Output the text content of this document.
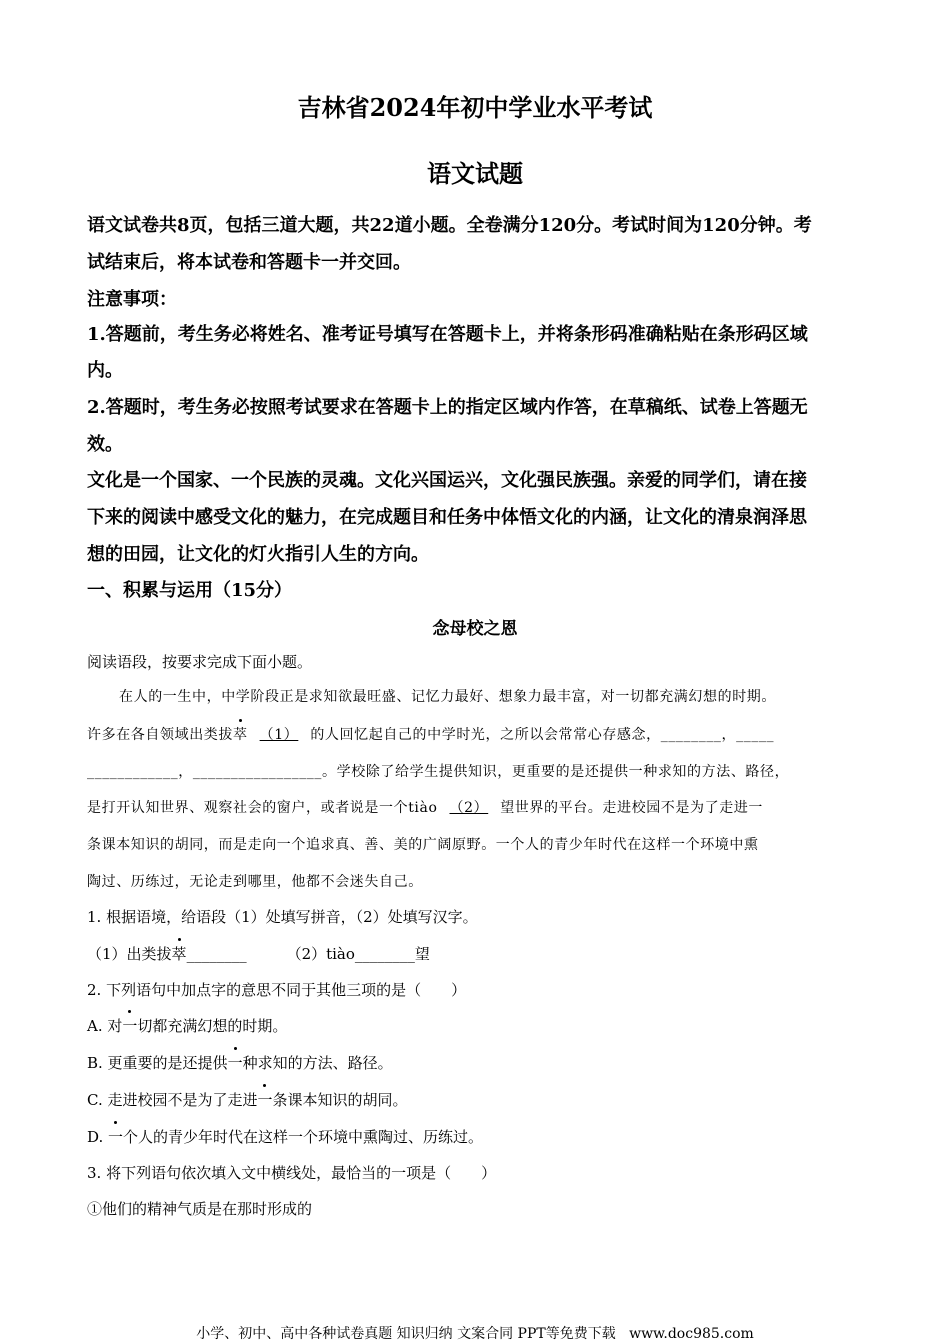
吉林省2024年初中学业水平考试
语文试题
语文试卷共8页，包括三道大题，共22道小题。全卷满分120分。考试时间为120分钟。考
试结束后，将本试卷和答题卡一并交回。
注意事项：
1.答题前，考生务必将姓名、准考证号填写在答题卡上，并将条形码准确粘贴在条形码区域
内。
2.答题时，考生务必按照考试要求在答题卡上的指定区域内作答，在草稿纸、试卷上答题无
效。
文化是一个国家、一个民族的灵魂。文化兴国运兴，文化强民族强。亲爱的同学们，请在接
下来的阅读中感受文化的魅力，在完成题目和任务中体悟文化的内涵，让文化的清泉润泽思
想的田园，让文化的灯火指引人生的方向。
一、积累与运用（15分）
念母校之恩
阅读语段，按要求完成下面小题。
在人的一生中，中学阶段正是求知欲最旺盛、记忆力最好、想象力最丰富，对一切都充满幻想的时期。
许多在各自领域出类拔萃 （1） 的人回忆起自己的中学时光，之所以会常常心存感念，________，_____
____________，_________________。学校除了给学生提供知识，更重要的是还提供一种求知的方法、路径，
是打开认知世界、观察社会的窗户，或者说是一个tiào （2） 望世界的平台。走进校园不是为了走进一
条课本知识的胡同，而是走向一个追求真、善、美的广阔原野。一个人的青少年时代在这样一个环境中熏
陶过、历练过，无论走到哪里，他都不会迷失自己。
1. 根据语境，给语段（1）处填写拼音，（2）处填写汉字。
（1）出类拔萃________	（2）tiào________望
2. 下列语句中加点字的意思不同于其他三项的是（　　）
A. 对一切都充满幻想的时期。
B. 更重要的是还提供一种求知的方法、路径。
C. 走进校园不是为了走进一条课本知识的胡同。
D. 一个人的青少年时代在这样一个环境中熏陶过、历练过。
3. 将下列语句依次填入文中横线处，最恰当的一项是（　　）
①他们的精神气质是在那时形成的
小学、初中、高中各种试卷真题 知识归纳 文案合同 PPT等免费下载 www.doc985.com
